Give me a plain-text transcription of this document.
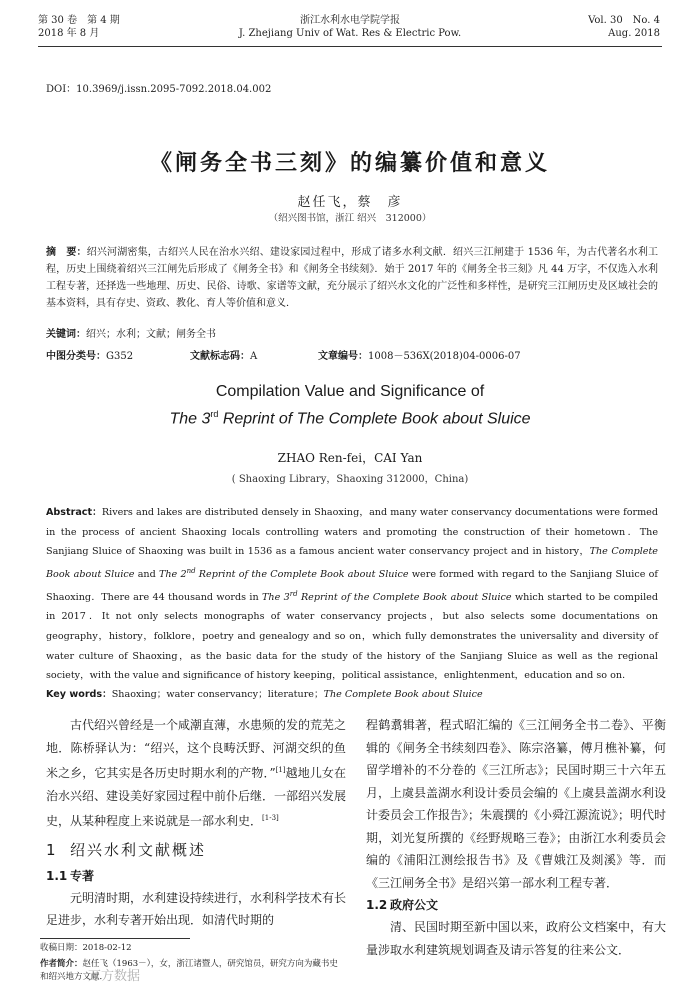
第 30 卷　第 4 期
2018 年 8 月
浙江水利水电学院学报
J. Zhejiang Univ of Wat. Res & Electric Pow.
Vol. 30　No. 4
Aug. 2018
DOI：10.3969/j.issn.2095-7092.2018.04.002
《闸务全书三刻》的编纂价值和意义
赵任飞，蔡　彦
（绍兴图书馆，浙江 绍兴　312000）
摘　要：绍兴河湖密集，古绍兴人民在治水兴绍、建设家园过程中，形成了诸多水利文献．绍兴三江闸建于 1536 年，为古代著名水利工程，历史上围绕着绍兴三江闸先后形成了《闸务全书》和《闸务全书续刻》．始于 2017 年的《闸务全书三刻》凡 44 万字，不仅选入水利工程专著，还择选一些地理、历史、民俗、诗歌、家谱等文献，充分展示了绍兴水文化的广泛性和多样性，是研究三江闸历史及区域社会的基本资料，具有存史、资政、教化、育人等价值和意义．
关键词：绍兴；水利；文献；闸务全书
中图分类号：G352	文献标志码：A	文章编号：1008－536X(2018)04-0006-07
Compilation Value and Significance of
The 3rd Reprint of The Complete Book about Sluice
ZHAO Ren-fei，CAI Yan
( Shaoxing Library，Shaoxing 312000，China)
Abstract：Rivers and lakes are distributed densely in Shaoxing，and many water conservancy documentations were formed in the process of ancient Shaoxing locals controlling waters and promoting the construction of their hometown．The Sanjiang Sluice of Shaoxing was built in 1536 as a famous ancient water conservancy project and in history，The Complete Book about Sluice and The 2nd Reprint of the Complete Book about Sluice were formed with regard to the Sanjiang Sluice of Shaoxing．There are 44 thousand words in The 3rd Reprint of the Complete Book about Sluice which started to be compiled in 2017．It not only selects monographs of water conservancy projects，but also selects some documentations on geography，history，folklore，poetry and genealogy and so on，which fully demonstrates the universality and diversity of water culture of Shaoxing，as the basic data for the study of the history of the Sanjiang Sluice as well as the regional society，with the value and significance of history keeping，political assistance，enlightenment，education and so on．
Key words：Shaoxing；water conservancy；literature；The Complete Book about Sluice

古代绍兴曾经是一个咸潮直薄，水患频的发的荒芜之地．陈桥驿认为：“绍兴，这个良畴沃野、河湖交织的鱼米之乡，它其实是各历史时期水利的产物．”[1]越地儿女在治水兴绍、建设美好家园过程中前仆后继．一部绍兴发展史，从某种程度上来说就是一部水利史．[1-3]

1 绍兴水利文献概述
1.1 专著

元明清时期，水利建设持续进行，水利科学技术有长足进步，水利专著开始出现．如清代时期的

程鹤翥辑著，程式昭汇编的《三江闸务全书二卷》、平衡辑的《闸务全书续刻四卷》、陈宗洛纂，傅月樵补纂，何留学增补的不分卷的《三江所志》；民国时期三十六年五月，上虞县盖湖水利设计委员会编的《上虞县盖湖水利设计委员会工作报告》；朱震撰的《小舜江源流说》；明代时期，刘光复所撰的《经野规略三卷》；由浙江水利委员会编的《浦阳江测绘报告书》及《曹娥江及剡溪》等．而《三江闸务全书》是绍兴第一部水利工程专著．

1.2 政府公文

清、民国时期至新中国以来，政府公文档案中，有大量涉取水利建筑规划调查及请示答复的往来公文．

收稿日期：2018-02-12
作者简介：赵任飞（1963－），女，浙江诸暨人，研究馆员，研究方向为藏书史和绍兴地方文献．
万方数据
